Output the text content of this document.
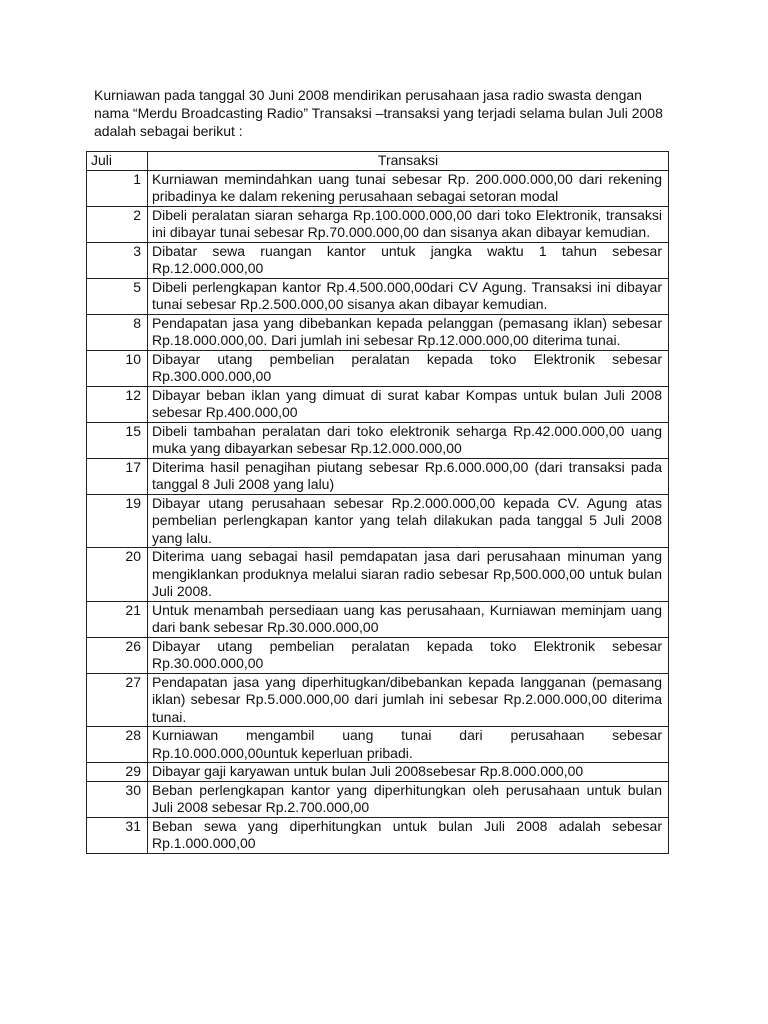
Kurniawan pada tanggal 30 Juni 2008 mendirikan perusahaan jasa radio swasta dengan nama “Merdu Broadcasting Radio” Transaksi –transaksi yang terjadi selama bulan Juli 2008 adalah sebagai berikut :

Juli	Transaksi
1	Kurniawan memindahkan uang tunai sebesar Rp. 200.000.000,00 dari rekening pribadinya ke dalam rekening perusahaan sebagai setoran modal
2	Dibeli peralatan siaran seharga Rp.100.000.000,00 dari toko Elektronik, transaksi ini dibayar tunai sebesar Rp.70.000.000,00 dan sisanya akan dibayar kemudian.
3	Dibatar sewa ruangan kantor untuk jangka waktu 1 tahun sebesar Rp.12.000.000,00
5	Dibeli perlengkapan kantor Rp.4.500.000,00dari CV Agung. Transaksi ini dibayar tunai sebesar Rp.2.500.000,00 sisanya akan dibayar kemudian.
8	Pendapatan jasa yang dibebankan kepada pelanggan (pemasang iklan) sebesar Rp.18.000.000,00. Dari jumlah ini sebesar Rp.12.000.000,00 diterima tunai.
10	Dibayar utang pembelian peralatan kepada toko Elektronik sebesar Rp.300.000.000,00
12	Dibayar beban iklan yang dimuat di surat kabar Kompas untuk bulan Juli 2008 sebesar Rp.400.000,00
15	Dibeli tambahan peralatan dari toko elektronik seharga Rp.42.000.000,00 uang muka yang dibayarkan sebesar Rp.12.000.000,00
17	Diterima hasil penagihan piutang sebesar Rp.6.000.000,00 (dari transaksi pada tanggal 8 Juli 2008 yang lalu)
19	Dibayar utang perusahaan sebesar Rp.2.000.000,00 kepada CV. Agung atas pembelian perlengkapan kantor yang telah dilakukan pada tanggal 5 Juli 2008 yang lalu.
20	Diterima uang sebagai hasil pemdapatan jasa dari perusahaan minuman yang mengiklankan produknya melalui siaran radio sebesar Rp,500.000,00 untuk bulan Juli 2008.
21	Untuk menambah persediaan uang kas perusahaan, Kurniawan meminjam uang dari bank sebesar Rp.30.000.000,00
26	Dibayar utang pembelian peralatan kepada toko Elektronik sebesar Rp.30.000.000,00
27	Pendapatan jasa yang diperhitugkan/dibebankan kepada langganan (pemasang iklan) sebesar Rp.5.000.000,00 dari jumlah ini sebesar Rp.2.000.000,00 diterima tunai.
28	Kurniawan mengambil uang tunai dari perusahaan sebesar Rp.10.000.000,00untuk keperluan pribadi.
29	Dibayar gaji karyawan untuk bulan Juli 2008sebesar Rp.8.000.000,00
30	Beban perlengkapan kantor yang diperhitungkan oleh perusahaan untuk bulan Juli 2008 sebesar Rp.2.700.000,00
31	Beban sewa yang diperhitungkan untuk bulan Juli 2008 adalah sebesar Rp.1.000.000,00
